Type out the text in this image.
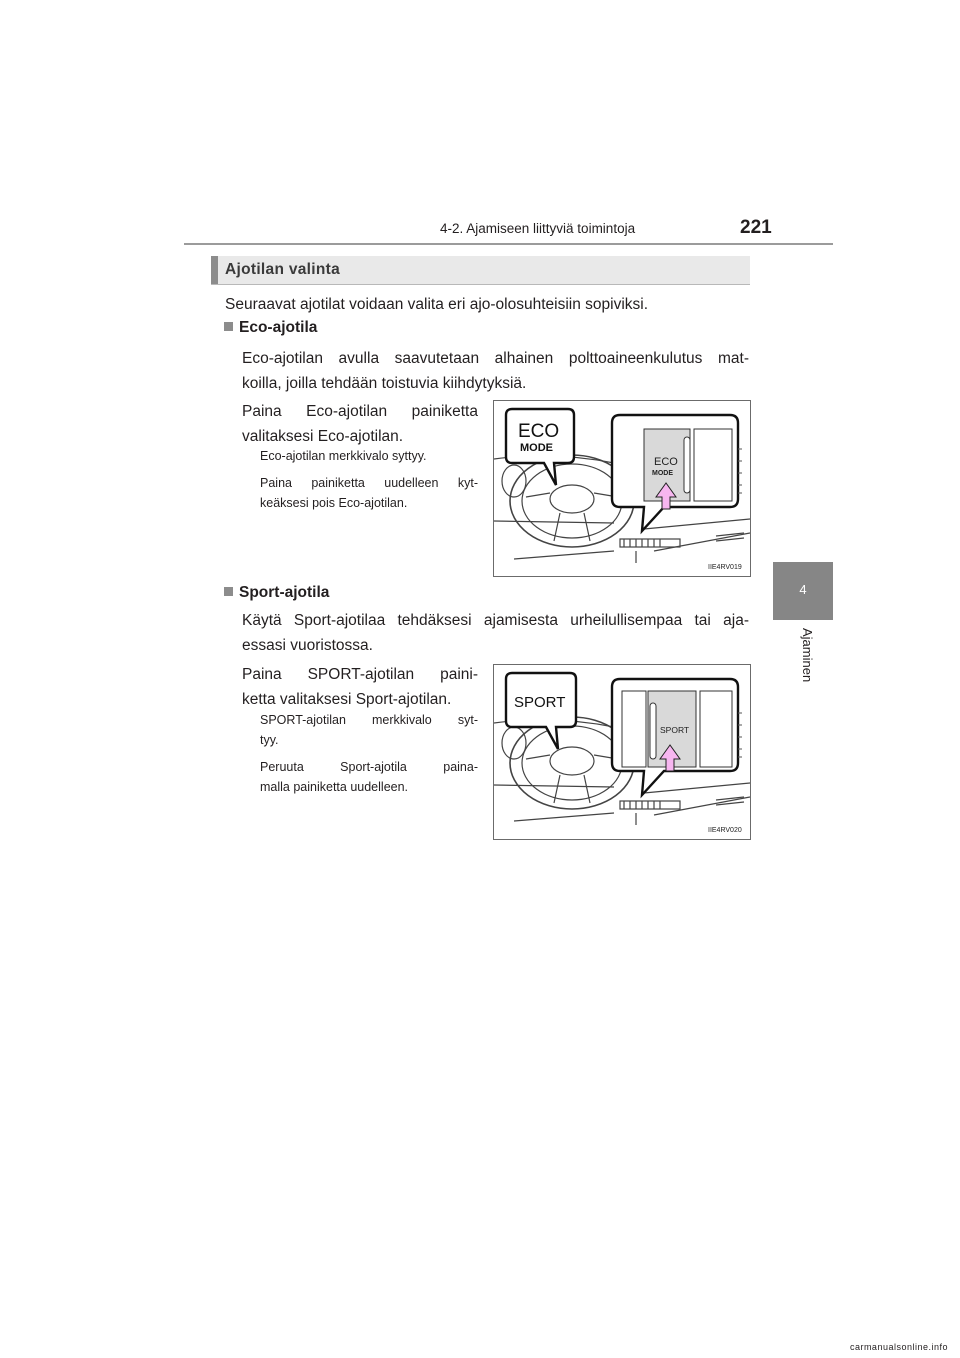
4-2. Ajamiseen liittyviä toimintoja	221
4
Ajaminen
Ajotilan valinta
Seuraavat ajotilat voidaan valita eri ajo-olosuhteisiin sopiviksi.
Eco-ajotila
Eco-ajotilan avulla saavutetaan alhainen polttoaineenkulutus mat-
koilla, joilla tehdään toistuvia kiihdytyksiä.
Paina Eco-ajotilan painiketta
valitaksesi Eco-ajotilan.
Eco-ajotilan merkkivalo syttyy.
Paina painiketta uudelleen kyt-
keäksesi pois Eco-ajotilan.
ECO
MODE
ECO
MODE
IIE4RV019
Sport-ajotila
Käytä Sport-ajotilaa tehdäksesi ajamisesta urheilullisempaa tai aja-
essasi vuoristossa.
Paina SPORT-ajotilan paini-
ketta valitaksesi Sport-ajotilan.
SPORT-ajotilan merkkivalo syt-
tyy.
Peruuta Sport-ajotila paina-
malla painiketta uudelleen.
SPORT
SPORT
IIE4RV020
carmanualsonline.info
